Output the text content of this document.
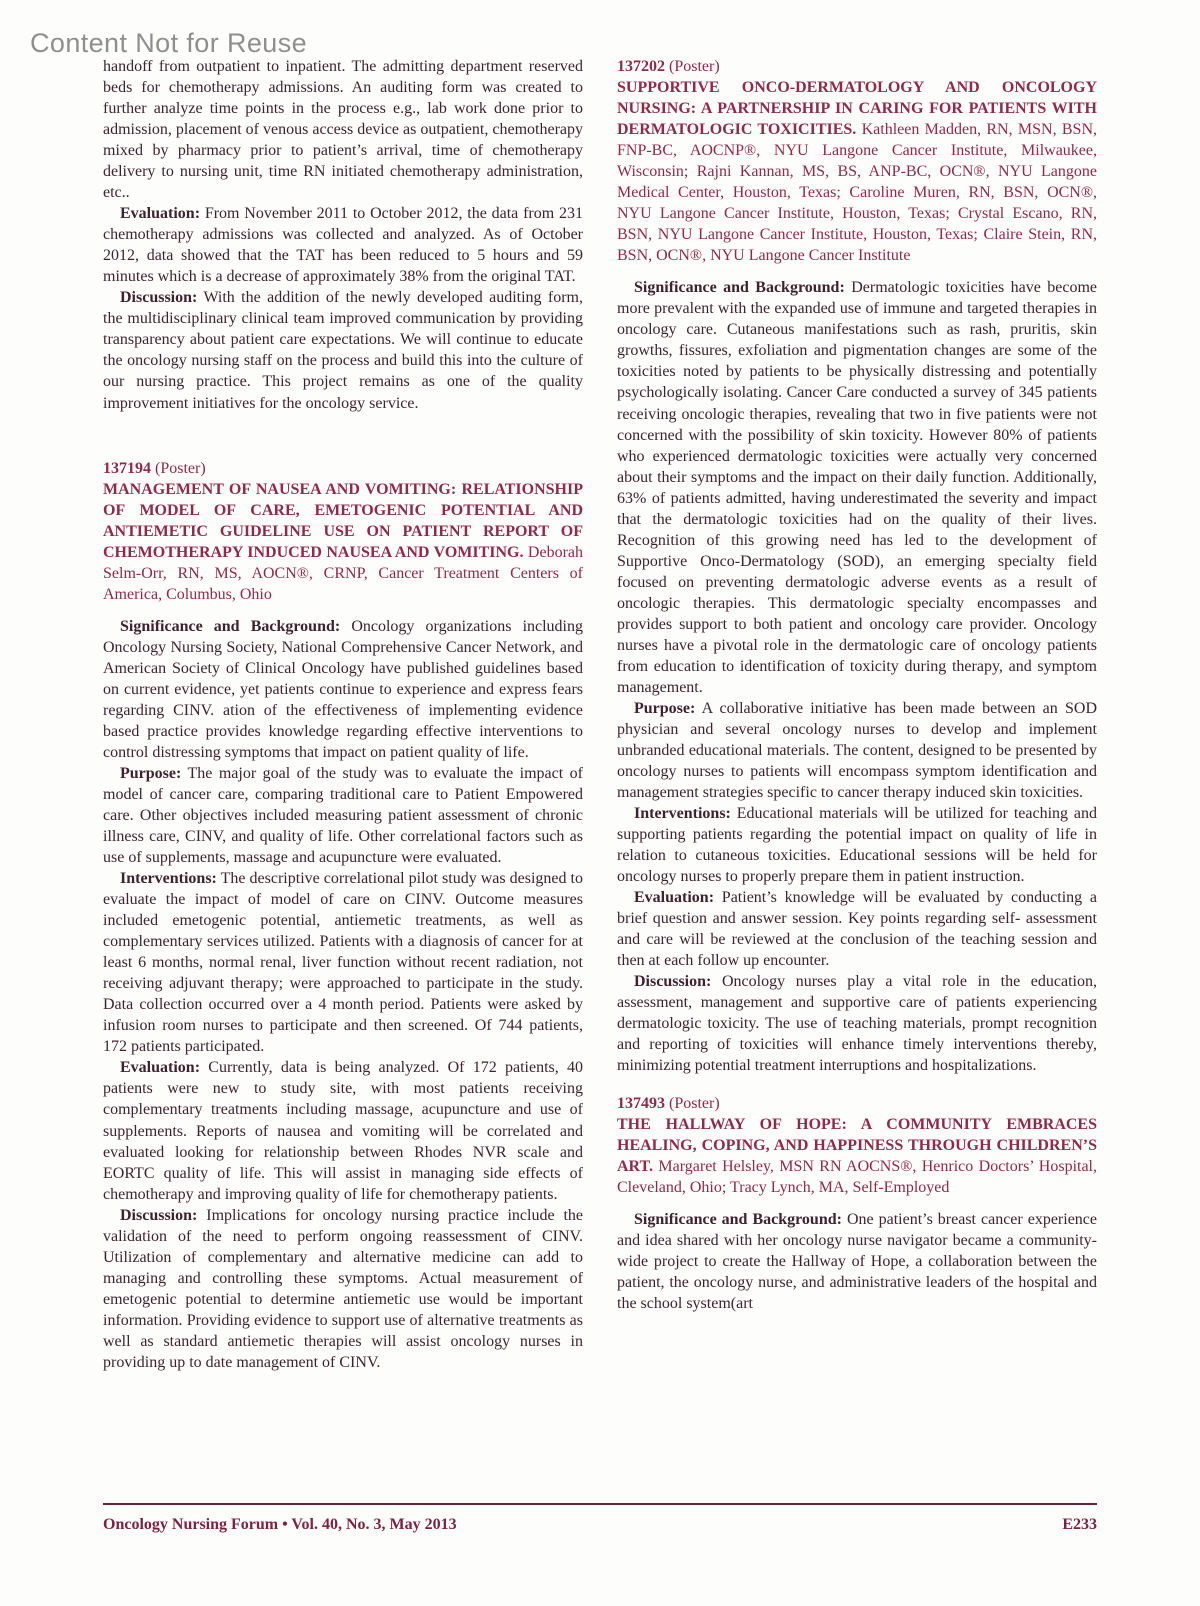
Content Not for Reuse

handoff from outpatient to inpatient. The admitting department reserved beds for chemotherapy admissions. An auditing form was created to further analyze time points in the process e.g., lab work done prior to admission, placement of venous access device as outpatient, chemotherapy mixed by pharmacy prior to patient’s arrival, time of chemotherapy delivery to nursing unit, time RN initiated chemotherapy administration, etc..

Evaluation: From November 2011 to October 2012, the data from 231 chemotherapy admissions was collected and analyzed. As of October 2012, data showed that the TAT has been reduced to 5 hours and 59 minutes which is a decrease of approximately 38% from the original TAT.

Discussion: With the addition of the newly developed auditing form, the multidisciplinary clinical team improved communication by providing transparency about patient care expectations. We will continue to educate the oncology nursing staff on the process and build this into the culture of our nursing practice. This project remains as one of the quality improvement initiatives for the oncology service.

137194 (Poster)

MANAGEMENT OF NAUSEA AND VOMITING: RELATIONSHIP OF MODEL OF CARE, EMETOGENIC POTENTIAL AND ANTIEMETIC GUIDELINE USE ON PATIENT REPORT OF CHEMOTHERAPY INDUCED NAUSEA AND VOMITING. Deborah Selm-Orr, RN, MS, AOCN®, CRNP, Cancer Treatment Centers of America, Columbus, Ohio

Significance and Background: Oncology organizations including Oncology Nursing Society, National Comprehensive Cancer Network, and American Society of Clinical Oncology have published guidelines based on current evidence, yet patients continue to experience and express fears regarding CINV. ation of the effectiveness of implementing evidence based practice provides knowledge regarding effective interventions to control distressing symptoms that impact on patient quality of life.

Purpose: The major goal of the study was to evaluate the impact of model of cancer care, comparing traditional care to Patient Empowered care. Other objectives included measuring patient assessment of chronic illness care, CINV, and quality of life. Other correlational factors such as use of supplements, massage and acupuncture were evaluated.

Interventions: The descriptive correlational pilot study was designed to evaluate the impact of model of care on CINV. Outcome measures included emetogenic potential, antiemetic treatments, as well as complementary services utilized. Patients with a diagnosis of cancer for at least 6 months, normal renal, liver function without recent radiation, not receiving adjuvant therapy; were approached to participate in the study. Data collection occurred over a 4 month period. Patients were asked by infusion room nurses to participate and then screened. Of 744 patients, 172 patients participated.

Evaluation: Currently, data is being analyzed. Of 172 patients, 40 patients were new to study site, with most patients receiving complementary treatments including massage, acupuncture and use of supplements. Reports of nausea and vomiting will be correlated and evaluated looking for relationship between Rhodes NVR scale and EORTC quality of life. This will assist in managing side effects of chemotherapy and improving quality of life for chemotherapy patients.

Discussion: Implications for oncology nursing practice include the validation of the need to perform ongoing reassessment of CINV. Utilization of complementary and alternative medicine can add to managing and controlling these symptoms. Actual measurement of emetogenic potential to determine antiemetic use would be important information. Providing evidence to support use of alternative treatments as well as standard antiemetic therapies will assist oncology nurses in providing up to date management of CINV.

137202 (Poster)

SUPPORTIVE ONCO-DERMATOLOGY AND ONCOLOGY NURSING: A PARTNERSHIP IN CARING FOR PATIENTS WITH DERMATOLOGIC TOXICITIES. Kathleen Madden, RN, MSN, BSN, FNP-BC, AOCNP®, NYU Langone Cancer Institute, Milwaukee, Wisconsin; Rajni Kannan, MS, BS, ANP-BC, OCN®, NYU Langone Medical Center, Houston, Texas; Caroline Muren, RN, BSN, OCN®, NYU Langone Cancer Institute, Houston, Texas; Crystal Escano, RN, BSN, NYU Langone Cancer Institute, Houston, Texas; Claire Stein, RN, BSN, OCN®, NYU Langone Cancer Institute

Significance and Background: Dermatologic toxicities have become more prevalent with the expanded use of immune and targeted therapies in oncology care. Cutaneous manifestations such as rash, pruritis, skin growths, fissures, exfoliation and pigmentation changes are some of the toxicities noted by patients to be physically distressing and potentially psychologically isolating. Cancer Care conducted a survey of 345 patients receiving oncologic therapies, revealing that two in five patients were not concerned with the possibility of skin toxicity. However 80% of patients who experienced dermatologic toxicities were actually very concerned about their symptoms and the impact on their daily function. Additionally, 63% of patients admitted, having underestimated the severity and impact that the dermatologic toxicities had on the quality of their lives. Recognition of this growing need has led to the development of Supportive Onco-Dermatology (SOD), an emerging specialty field focused on preventing dermatologic adverse events as a result of oncologic therapies. This dermatologic specialty encompasses and provides support to both patient and oncology care provider. Oncology nurses have a pivotal role in the dermatologic care of oncology patients from education to identification of toxicity during therapy, and symptom management.

Purpose: A collaborative initiative has been made between an SOD physician and several oncology nurses to develop and implement unbranded educational materials. The content, designed to be presented by oncology nurses to patients will encompass symptom identification and management strategies specific to cancer therapy induced skin toxicities.

Interventions: Educational materials will be utilized for teaching and supporting patients regarding the potential impact on quality of life in relation to cutaneous toxicities. Educational sessions will be held for oncology nurses to properly prepare them in patient instruction.

Evaluation: Patient’s knowledge will be evaluated by conducting a brief question and answer session. Key points regarding self- assessment and care will be reviewed at the conclusion of the teaching session and then at each follow up encounter.

Discussion: Oncology nurses play a vital role in the education, assessment, management and supportive care of patients experiencing dermatologic toxicity. The use of teaching materials, prompt recognition and reporting of toxicities will enhance timely interventions thereby, minimizing potential treatment interruptions and hospitalizations.

137493 (Poster)

THE HALLWAY OF HOPE: A COMMUNITY EMBRACES HEALING, COPING, AND HAPPINESS THROUGH CHILDREN’S ART. Margaret Helsley, MSN RN AOCNS®, Henrico Doctors’ Hospital, Cleveland, Ohio; Tracy Lynch, MA, Self-Employed

Significance and Background: One patient’s breast cancer experience and idea shared with her oncology nurse navigator became a community-wide project to create the Hallway of Hope, a collaboration between the patient, the oncology nurse, and administrative leaders of the hospital and the school system(art

Oncology Nursing Forum • Vol. 40, No. 3, May 2013	E233
